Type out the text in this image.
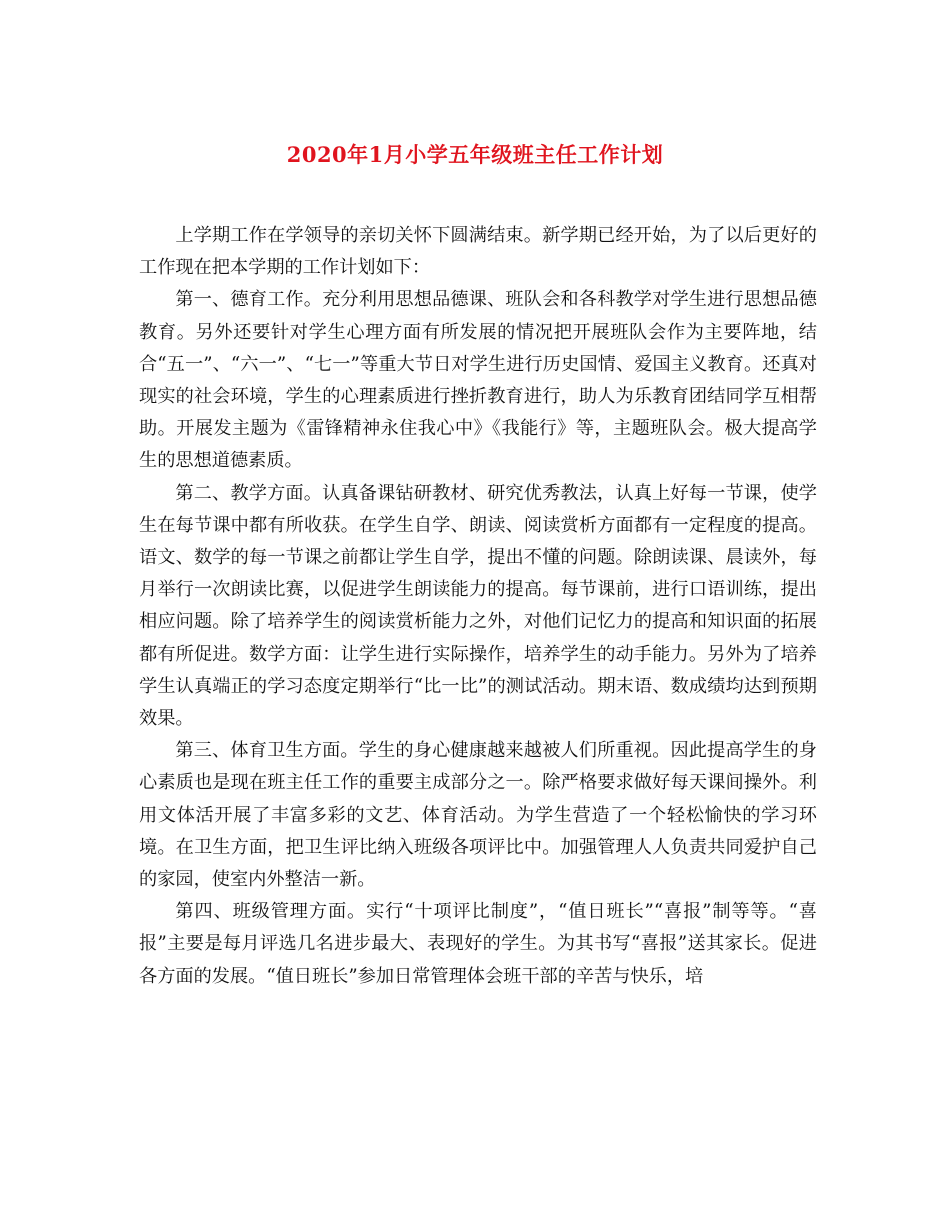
2020年1月小学五年级班主任工作计划

上学期工作在学领导的亲切关怀下圆满结束。新学期已经开始，为了以后更好的工作现在把本学期的工作计划如下：

第一、德育工作。充分利用思想品德课、班队会和各科教学对学生进行思想品德教育。另外还要针对学生心理方面有所发展的情况把开展班队会作为主要阵地，结合“五一”、“六一”、“七一”等重大节日对学生进行历史国情、爱国主义教育。还真对现实的社会环境，学生的心理素质进行挫折教育进行，助人为乐教育团结同学互相帮助。开展发主题为《雷锋精神永住我心中》《我能行》等，主题班队会。极大提高学生的思想道德素质。

第二、教学方面。认真备课钻研教材、研究优秀教法，认真上好每一节课，使学生在每节课中都有所收获。在学生自学、朗读、阅读赏析方面都有一定程度的提高。语文、数学的每一节课之前都让学生自学，提出不懂的问题。除朗读课、晨读外，每月举行一次朗读比赛，以促进学生朗读能力的提高。每节课前，进行口语训练，提出相应问题。除了培养学生的阅读赏析能力之外，对他们记忆力的提高和知识面的拓展都有所促进。数学方面：让学生进行实际操作，培养学生的动手能力。另外为了培养学生认真端正的学习态度定期举行“比一比”的测试活动。期末语、数成绩均达到预期效果。

第三、体育卫生方面。学生的身心健康越来越被人们所重视。因此提高学生的身心素质也是现在班主任工作的重要主成部分之一。除严格要求做好每天课间操外。利用文体活开展了丰富多彩的文艺、体育活动。为学生营造了一个轻松愉快的学习环境。在卫生方面，把卫生评比纳入班级各项评比中。加强管理人人负责共同爱护自己的家园，使室内外整洁一新。

第四、班级管理方面。实行“十项评比制度”，“值日班长”“喜报”制等等。“喜报”主要是每月评选几名进步最大、表现好的学生。为其书写“喜报”送其家长。促进各方面的发展。“值日班长”参加日常管理体会班干部的辛苦与快乐，培
